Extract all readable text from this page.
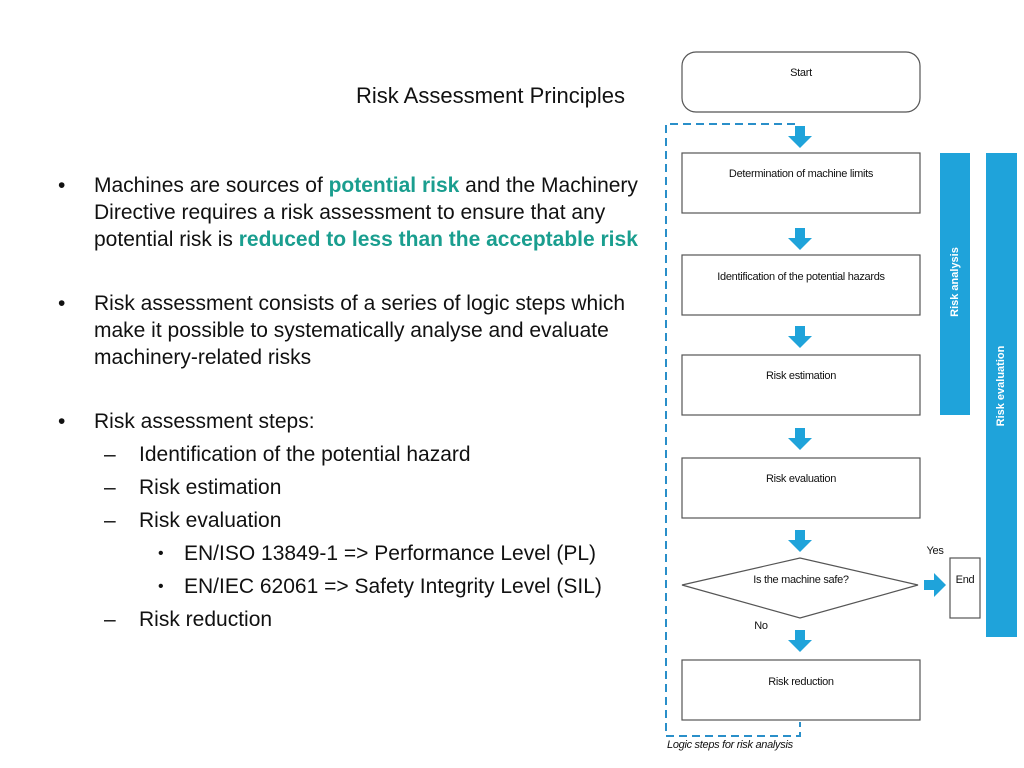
Risk Assessment Principles
• Machines are sources of potential risk and the Machinery Directive requires a risk assessment to ensure that any potential risk is reduced to less than the acceptable risk
• Risk assessment consists of a series of logic steps which make it possible to systematically analyse and evaluate machinery-related risks
• Risk assessment steps:
– Identification of the potential hazard
– Risk estimation
– Risk evaluation
• EN/ISO 13849-1 => Performance Level (PL)
• EN/IEC 62061 => Safety Integrity Level (SIL)
– Risk reduction
Start
Determination of machine limits
Identification of the potential hazards
Risk estimation
Risk evaluation
Is the machine safe?
Yes
No
End
Risk reduction
Risk analysis
Risk evaluation
Logic steps for risk analysis
